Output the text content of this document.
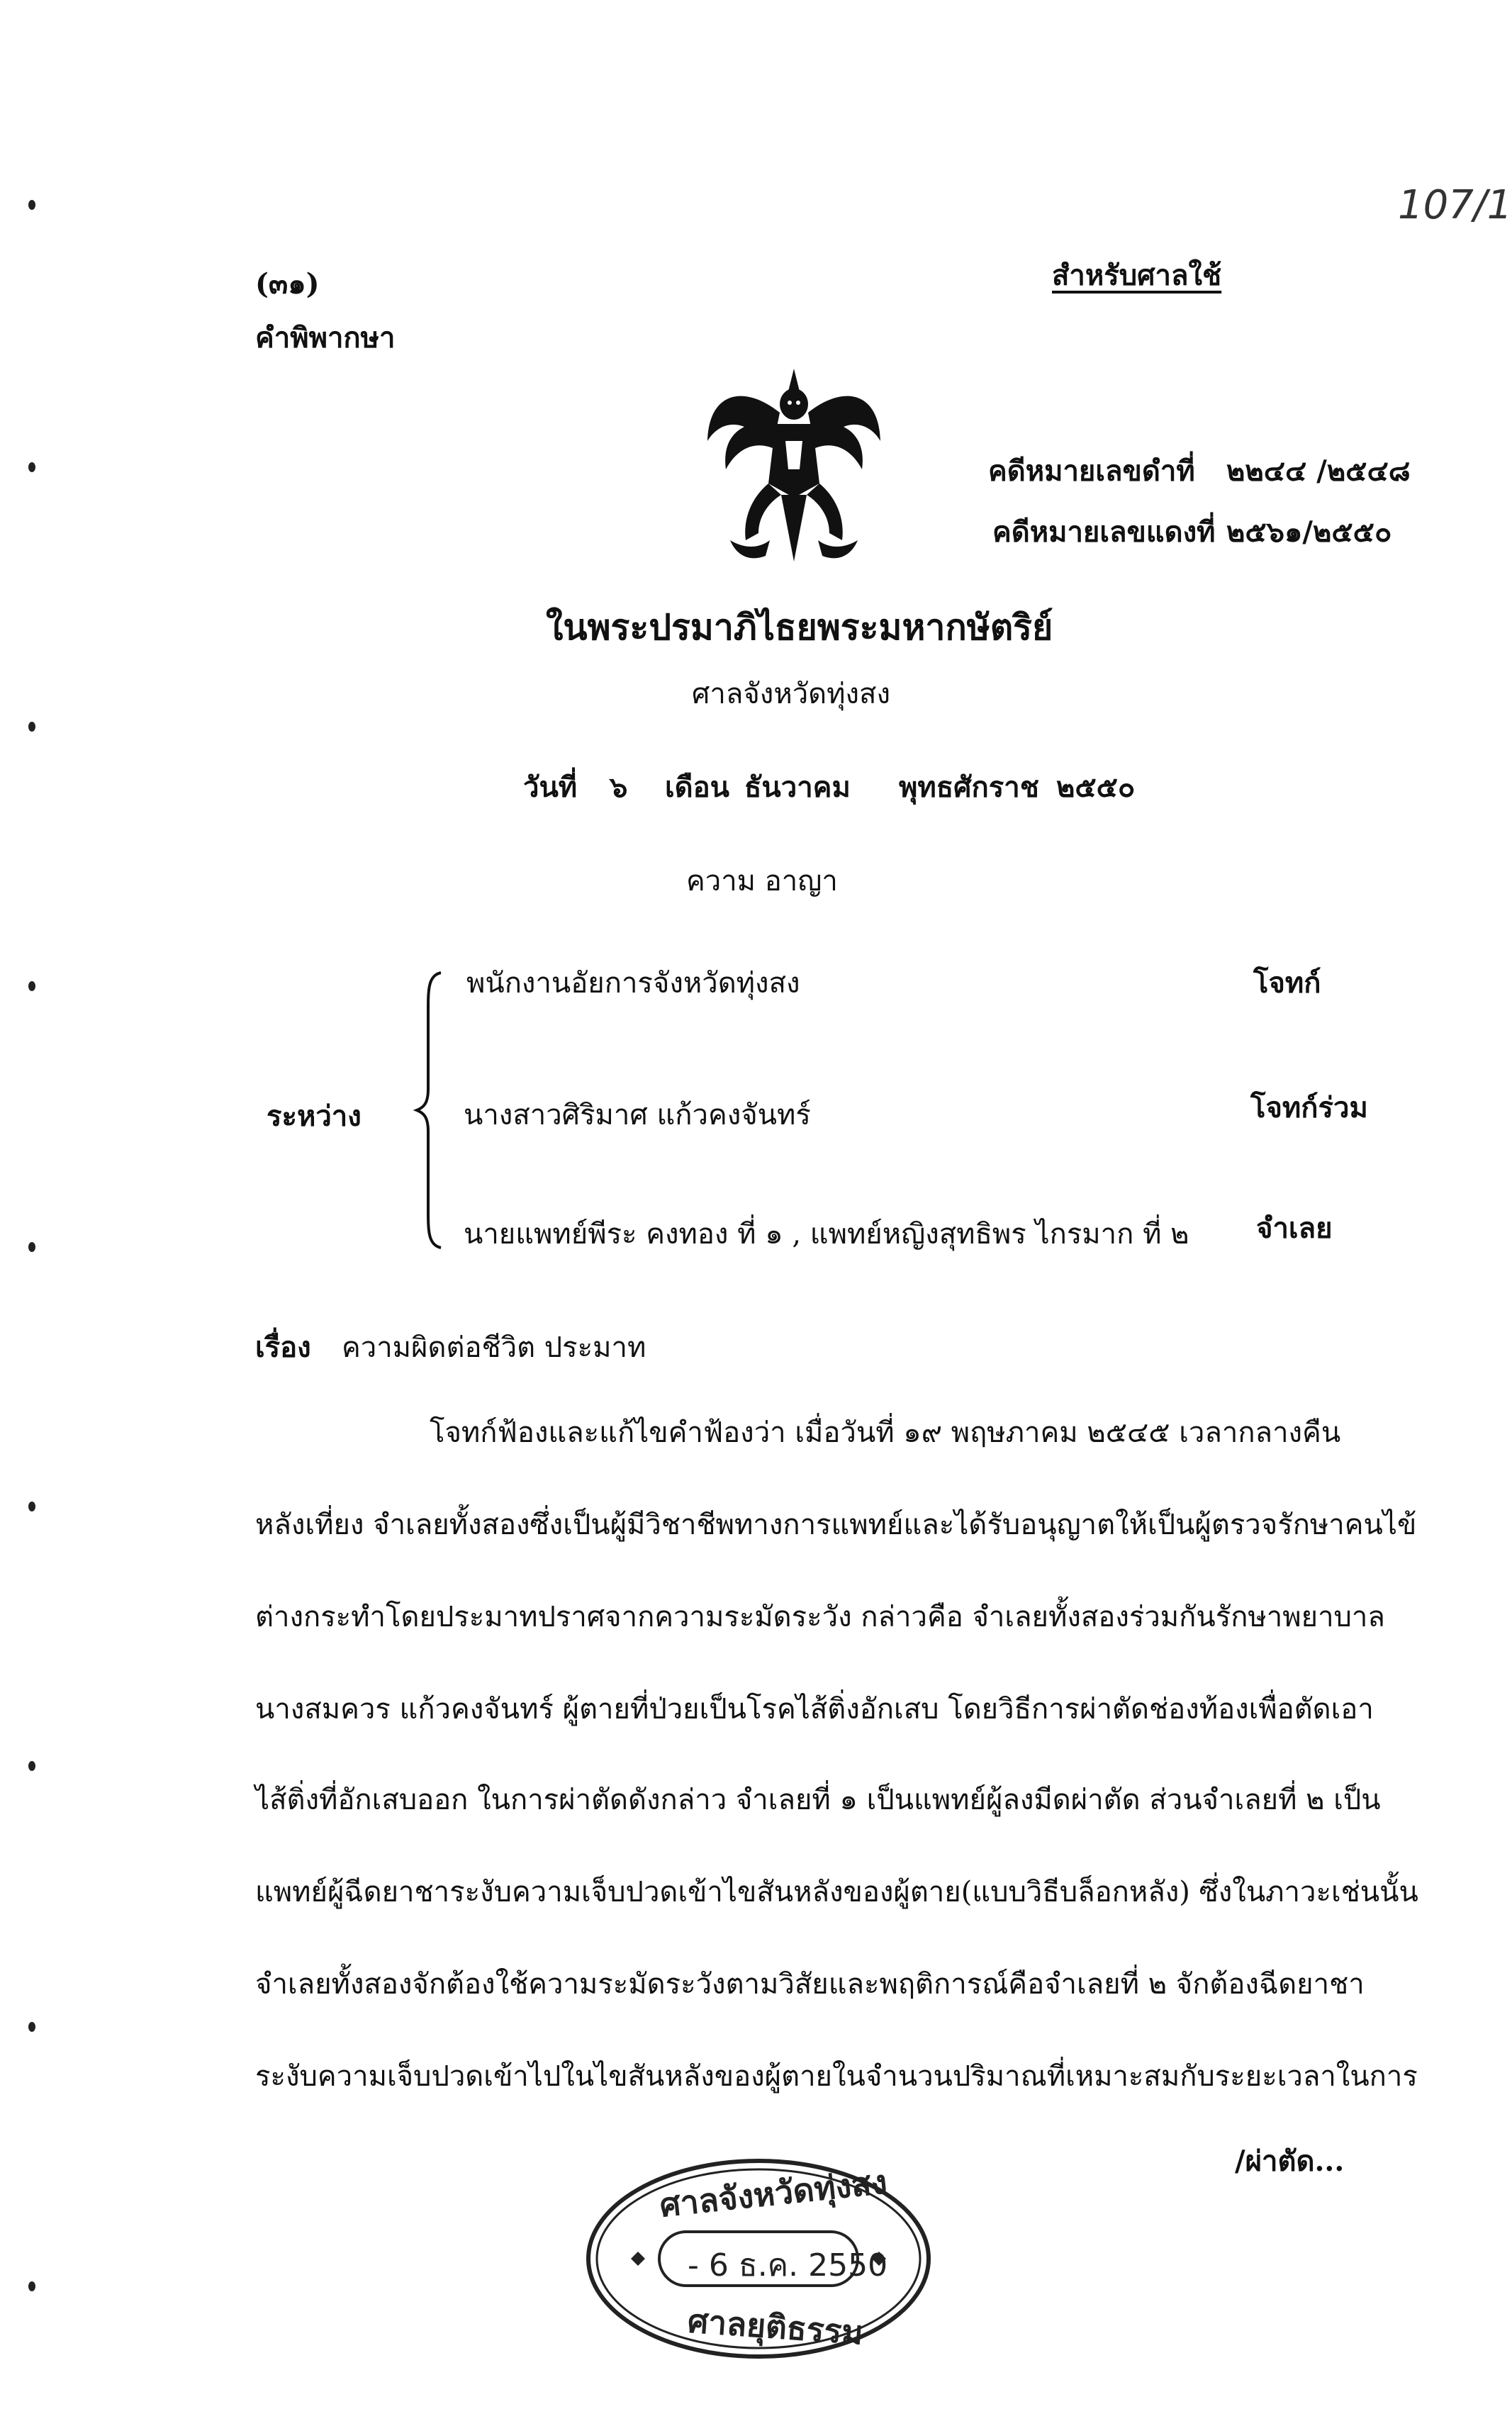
107/1
(๓๑)
คำพิพากษา
สำหรับศาลใช้
คดีหมายเลขดำที่ ๒๒๔๔ /๒๕๔๘
คดีหมายเลขแดงที่ ๒๕๖๑/๒๕๕๐
ในพระปรมาภิไธยพระมหากษัตริย์
ศาลจังหวัดทุ่งสง
วันที่ ๖ เดือน ธันวาคม พุทธศักราช ๒๕๕๐
ความ อาญา
ระหว่าง
พนักงานอัยการจังหวัดทุ่งสง	โจทก์
นางสาวศิริมาศ แก้วคงจันทร์	โจทก์ร่วม
นายแพทย์พีระ คงทอง ที่ ๑ , แพทย์หญิงสุทธิพร ไกรมาก ที่ ๒ จำเลย
เรื่อง ความผิดต่อชีวิต ประมาท
โจทก์ฟ้องและแก้ไขคำฟ้องว่า เมื่อวันที่ ๑๙ พฤษภาคม ๒๕๔๕ เวลากลางคืน
หลังเที่ยง จำเลยทั้งสองซึ่งเป็นผู้มีวิชาชีพทางการแพทย์และได้รับอนุญาตให้เป็นผู้ตรวจรักษาคนไข้
ต่างกระทำโดยประมาทปราศจากความระมัดระวัง กล่าวคือ จำเลยทั้งสองร่วมกันรักษาพยาบาล
นางสมควร แก้วคงจันทร์ ผู้ตายที่ป่วยเป็นโรคไส้ติ่งอักเสบ โดยวิธีการผ่าตัดช่องท้องเพื่อตัดเอา
ไส้ติ่งที่อักเสบออก ในการผ่าตัดดังกล่าว จำเลยที่ ๑ เป็นแพทย์ผู้ลงมีดผ่าตัด ส่วนจำเลยที่ ๒ เป็น
แพทย์ผู้ฉีดยาชาระงับความเจ็บปวดเข้าไขสันหลังของผู้ตาย(แบบวิธีบล็อกหลัง) ซึ่งในภาวะเช่นนั้น
จำเลยทั้งสองจักต้องใช้ความระมัดระวังตามวิสัยและพฤติการณ์คือจำเลยที่ ๒ จักต้องฉีดยาชา
ระงับความเจ็บปวดเข้าไปในไขสันหลังของผู้ตายในจำนวนปริมาณที่เหมาะสมกับระยะเวลาในการ
/ผ่าตัด...
ศาลจังหวัดทุ่งสง
- 6 ธ.ค. 2550
ศาลยุติธรรม
